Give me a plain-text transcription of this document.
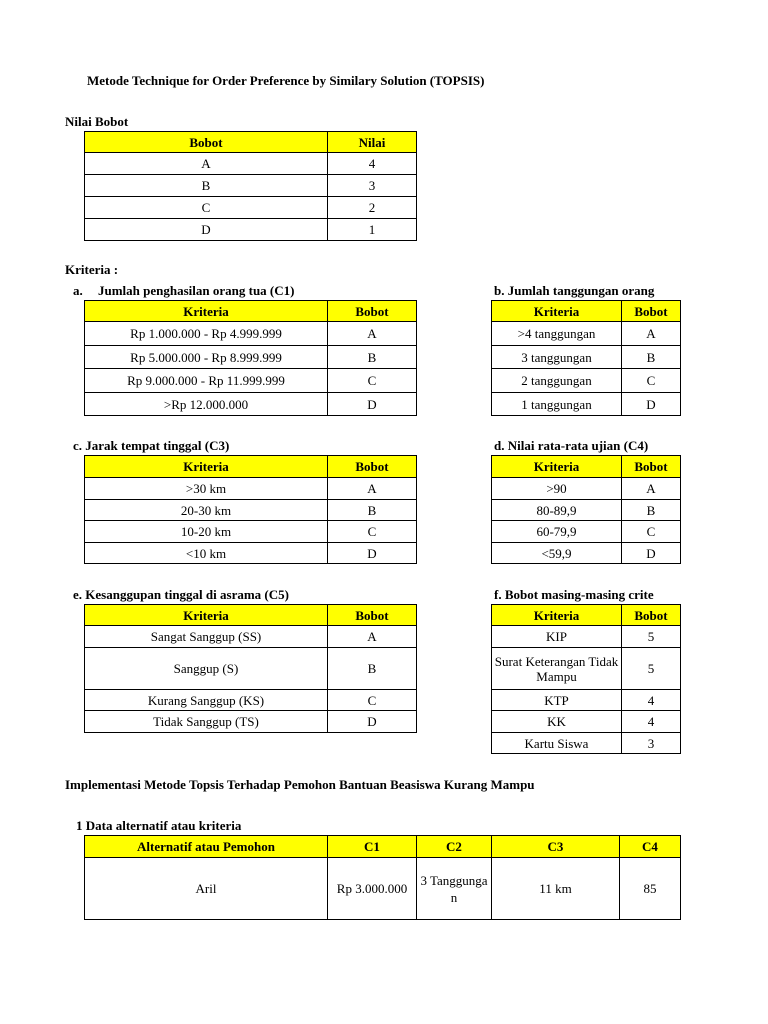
Metode Technique for Order Preference by Similary Solution (TOPSIS)
Nilai Bobot
Bobot	Nilai
A	4
B	3
C	2
D	1
Kriteria :
a. Jumlah penghasilan orang tua (C1)
Kriteria	Bobot
Rp 1.000.000 - Rp 4.999.999	A
Rp 5.000.000 - Rp 8.999.999	B
Rp 9.000.000 - Rp 11.999.999	C
>Rp 12.000.000	D
b. Jumlah tanggungan orang
Kriteria	Bobot
>4 tanggungan	A
3 tanggungan	B
2 tanggungan	C
1 tanggungan	D
c. Jarak tempat tinggal (C3)
Kriteria	Bobot
>30 km	A
20-30 km	B
10-20 km	C
<10 km	D
d. Nilai rata-rata ujian (C4)
Kriteria	Bobot
>90	A
80-89,9	B
60-79,9	C
<59,9	D
e. Kesanggupan tinggal di asrama (C5)
Kriteria	Bobot
Sangat Sanggup (SS)	A
Sanggup (S)	B
Kurang Sanggup (KS)	C
Tidak Sanggup (TS)	D
f. Bobot masing-masing crite
Kriteria	Bobot
KIP	5
Surat Keterangan Tidak Mampu	5
KTP	4
KK	4
Kartu Siswa	3
Implementasi Metode Topsis Terhadap Pemohon Bantuan Beasiswa Kurang Mampu
1 Data alternatif atau kriteria
Alternatif atau Pemohon	C1	C2	C3	C4
Aril	Rp 3.000.000	3 Tanggungan	11 km	85
